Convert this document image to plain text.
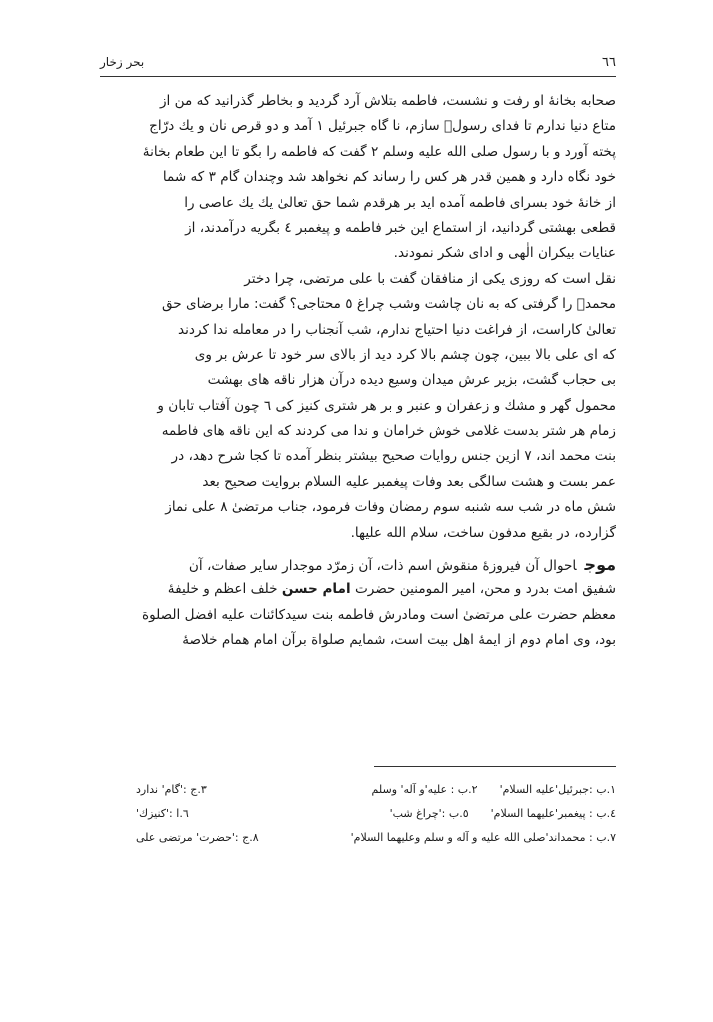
٦٦
بحر زخار
صحابه بخانهٔ او رفت و نشست، فاطمه بتلاش آرد گردید و بخاطر گذرانید که من از
متاع دنیا ندارم تا فدای رسولؐ سازم، نا گاه جبرئیل ١ آمد و دو قرص نان و یك درّاج
پخته آورد و با رسول صلی الله علیه وسلم ٢ گفت که فاطمه را بگو تا این طعام بخانهٔ
خود نگاه دارد و همین قدر هر کس را رساند کم نخواهد شد وچندان گام ٣ که شما
از خانهٔ خود بسرای فاطمه آمده اید بر هرقدم شما حق تعالیٰ یك یك عاصی را
قطعی بهشتی گردانید، از استماع این خبر فاطمه و پیغمبر ٤ بگریه درآمدند، از
عنایات بیکران الٰهی و ادای شکر نمودند.
نقل است که روزی یکی از منافقان گفت با علی مرتضی، چرا دختر
محمدؐ را گرفتی که به نان چاشت وشب چراغ ٥ محتاجی؟ گفت: مارا برضای حق
تعالیٰ کاراست، از فراغت دنیا احتیاج ندارم، شب آنجناب را در معامله ندا کردند
که ای علی بالا ببین، چون چشم بالا کرد دید از بالای سر خود تا عرش بر وی
بی حجاب گشت، بزیر عرش میدان وسیع دیده درآن هزار ناقه های بهشت
محمول گهر و مشك و زعفران و عنبر و بر هر شتری کنیز کی ٦ چون آفتاب تابان و
زمام هر شتر بدست غلامی خوش خرامان و ندا می کردند که این ناقه های فاطمه
بنت محمد اند، ٧ ازین جنس روایات صحیح بیشتر بنظر آمده تا کجا شرح دهد، در
عمر بست و هشت سالگی بعد وفات پیغمبر علیه السلام بروایت صحیح بعد
شش ماه در شب سه شنبه سوم رمضان وفات فرمود، جناب مرتضیٰ ٨ علی نماز
گزارده، در بقیع مدفون ساخت، سلام الله علیها.
موجاحوال آن فیروزهٔ منقوش اسم ذات، آن زمرّد موجدار سایر صفات، آن
شفیق امت بدرد و محن، امیر المومنین حضرت امام حسن خلف اعظم و خلیفهٔ
معظم حضرت علی مرتضیٰ است ومادرش فاطمه بنت سیدکائنات علیه افضل الصلوة
بود، وی امام دوم از ایمهٔ اهل بیت است، شمایم صلواة برآن امام همام خلاصهٔ
١.ب :جبرئیل'علیه السلام'
٢.ب : علیه'و آله' وسلم
٣.ج :'گام' ندارد
٤.ب : پیغمبر'علیهما السلام'
٥.ب :'چراغ شب'
٦.ا :'کنیزك'
٧.ب : محمداند'صلی الله علیه و آله و سلم وعلیهما السلام'
٨.ج :'حضرت' مرتضی علی
